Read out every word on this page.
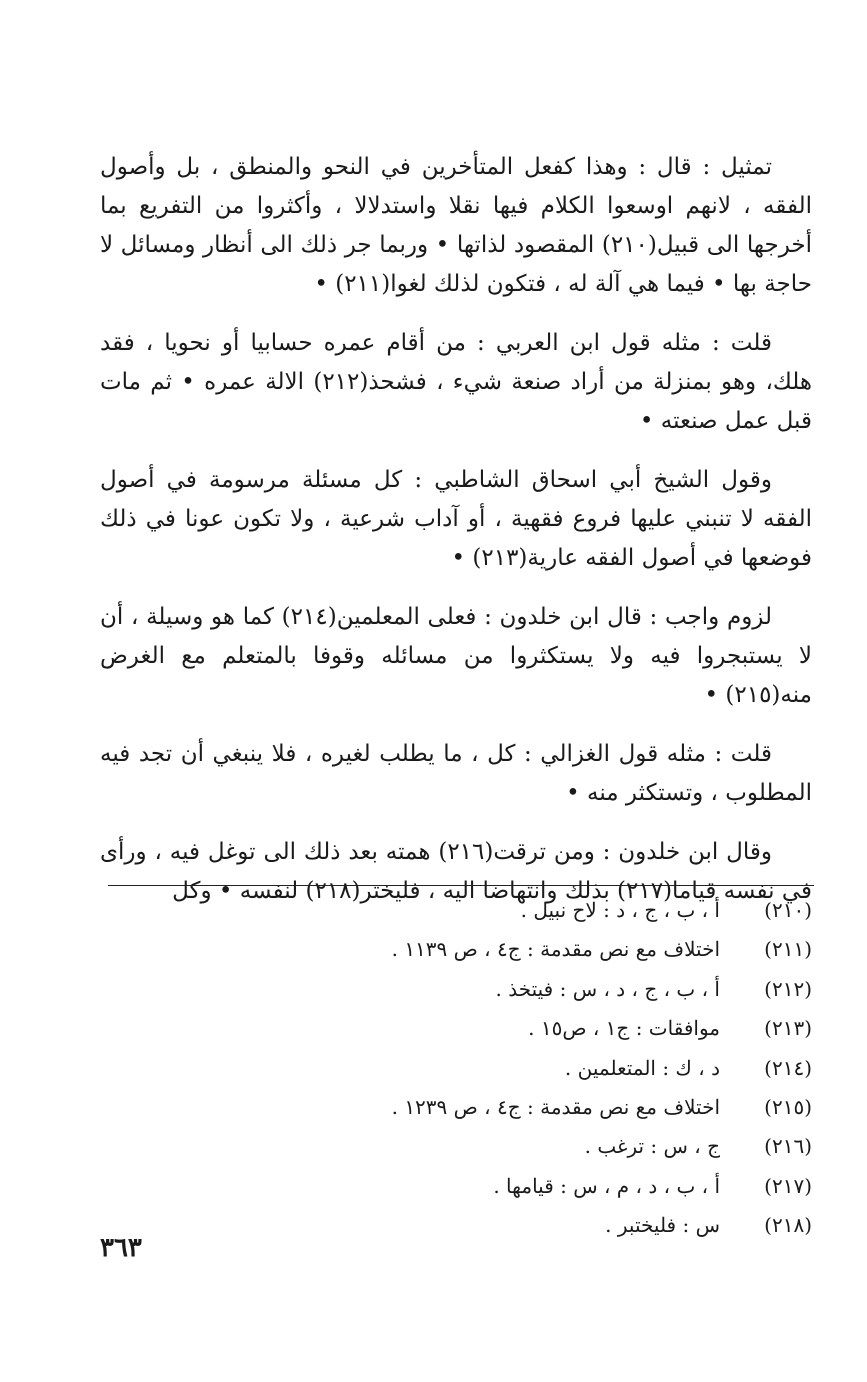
تمثيل : قال : وهذا كفعل المتأخرين في النحو والمنطق ، بل وأصول الفقه ، لانهم اوسعوا الكلام فيها نقلا واستدلالا ، وأكثروا من التفريع بما أخرجها الى قبيل(٢١٠) المقصود لذاتها • وربما جر ذلك الى أنظار ومسائل لا حاجة بها • فيما هي آلة له ، فتكون لذلك لغوا(٢١١) •

قلت : مثله قول ابن العربي : من أقام عمره حسابيا أو نحويا ، فقد هلك، وهو بمنزلة من أراد صنعة شيء ، فشحذ(٢١٢) الالة عمره • ثم مات قبل عمل صنعته •

وقول الشيخ أبي اسحاق الشاطبي : كل مسئلة مرسومة في أصول الفقه لا تنبني عليها فروع فقهية ، أو آداب شرعية ، ولا تكون عونا في ذلك فوضعها في أصول الفقه عارية(٢١٣) •

لزوم واجب : قال ابن خلدون : فعلى المعلمين(٢١٤) كما هو وسيلة ، أن لا يستبجروا فيه ولا يستكثروا من مسائله وقوفا بالمتعلم مع الغرض منه(٢١٥) •

قلت : مثله قول الغزالي : كل ، ما يطلب لغيره ، فلا ينبغي أن تجد فيه المطلوب ، وتستكثر منه •

وقال ابن خلدون : ومن ترقت(٢١٦) همته بعد ذلك الى توغل فيه ، ورأى في نفسه قياما(٢١٧) بذلك وانتهاضا اليه ، فليختر(٢١٨) لنفسه • وكل

(٢١٠)
أ ، ب ، ج ، د : لاح نبيل .
(٢١١)
اختلاف مع نص مقدمة : ج٤ ، ص ١١٣٩ .
(٢١٢)
أ ، ب ، ج ، د ، س : فيتخذ .
(٢١٣)
موافقات : ج١ ، ص١٥ .
(٢١٤)
د ، ك : المتعلمين .
(٢١٥)
اختلاف مع نص مقدمة : ج٤ ، ص ١٢٣٩ .
(٢١٦)
ج ، س : ترغب .
(٢١٧)
أ ، ب ، د ، م ، س : قيامها .
(٢١٨)
س : فليختبر .
٣٦٣
